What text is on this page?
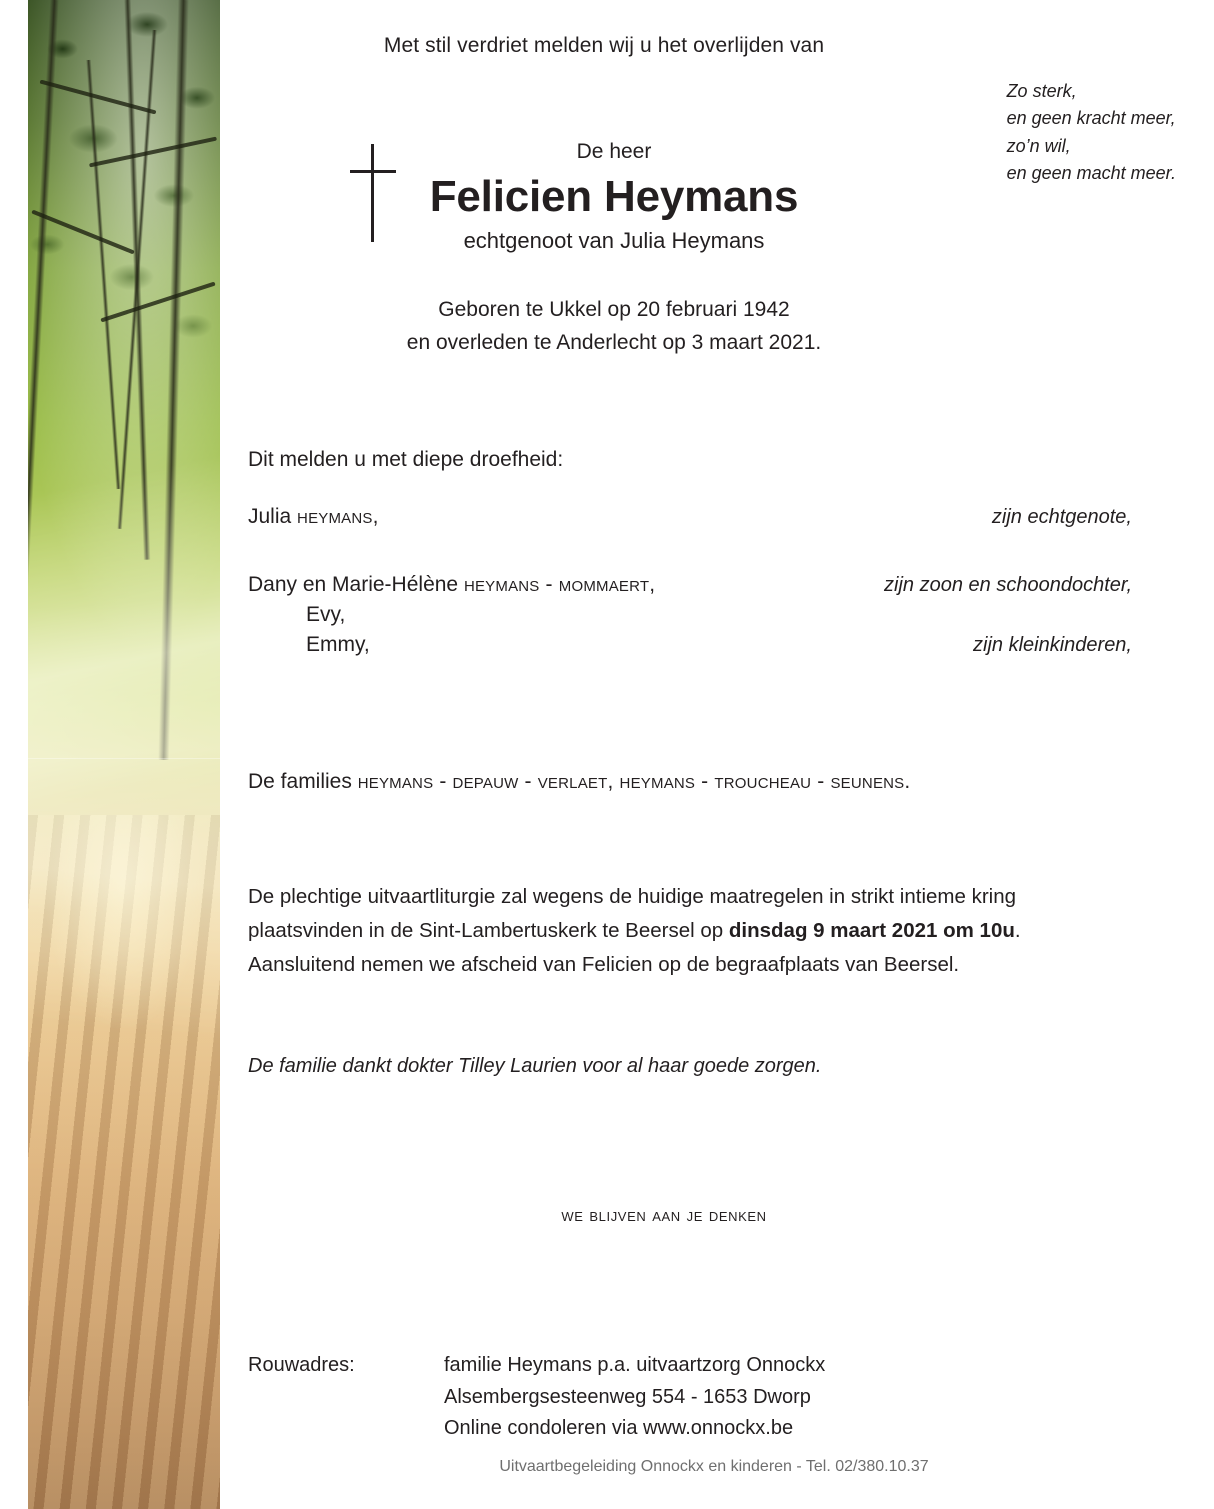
Met stil verdriet melden wij u het overlijden van
Zo sterk,
en geen kracht meer,
zo’n wil,
en geen macht meer.
De heer
Felicien Heymans
echtgenoot van Julia Heymans
Geboren te Ukkel op 20 februari 1942
en overleden te Anderlecht op 3 maart 2021.
Dit melden u met diepe droefheid:
Julia heymans,	zijn echtgenote,
Dany en Marie-Hélène heymans - mommaert,	zijn zoon en schoondochter,
Evy,
Emmy,	zijn kleinkinderen,
De families heymans - depauw - verlaet, heymans - troucheau - seunens.
De plechtige uitvaartliturgie zal wegens de huidige maatregelen in strikt intieme kring plaatsvinden in de Sint-Lambertuskerk te Beersel op dinsdag 9 maart 2021 om 10u. Aansluitend nemen we afscheid van Felicien op de begraafplaats van Beersel.
De familie dankt dokter Tilley Laurien voor al haar goede zorgen.
we blijven aan je denken
Rouwadres:	familie Heymans p.a. uitvaartzorg Onnockx
Alsembergsesteenweg 554 - 1653 Dworp
Online condoleren via www.onnockx.be
Uitvaartbegeleiding Onnockx en kinderen - Tel. 02/380.10.37
